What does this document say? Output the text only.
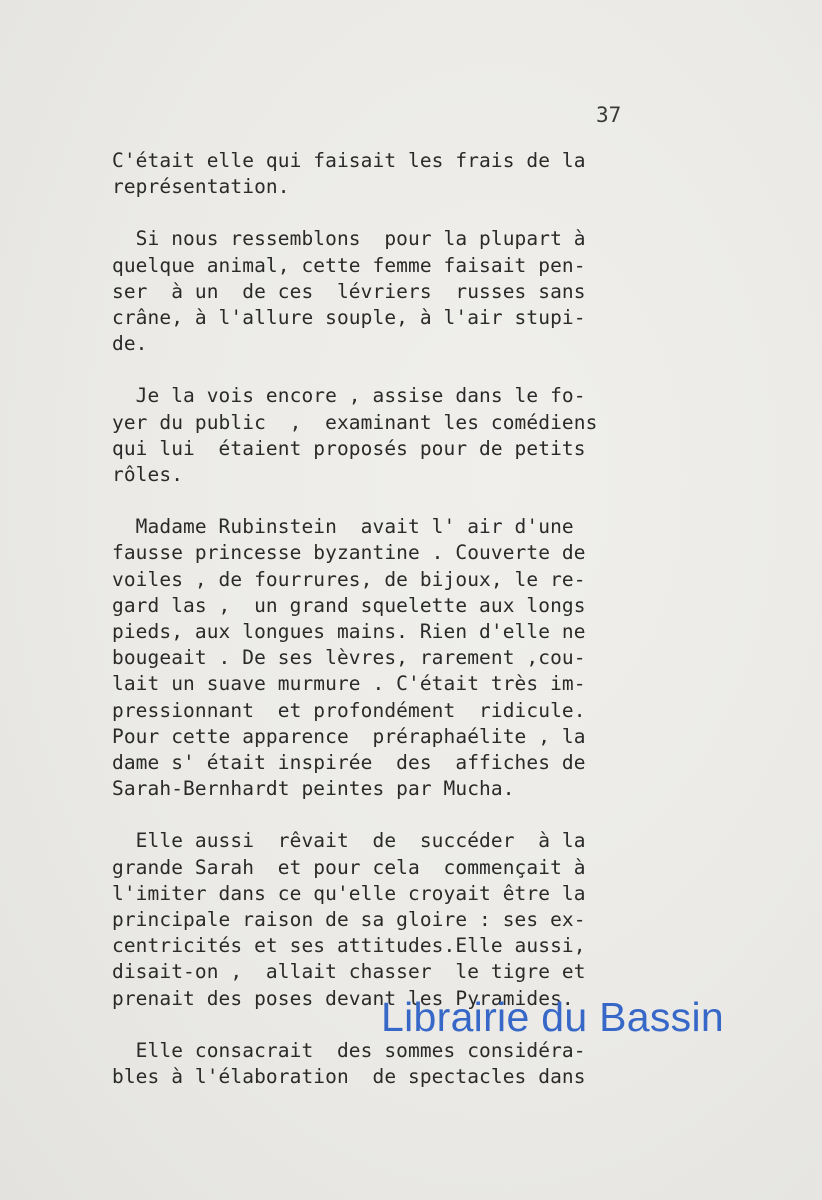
37
C'était elle qui faisait les frais de la
représentation.
Si nous ressemblons  pour la plupart à
quelque animal, cette femme faisait pen-
ser  à un  de ces  lévriers  russes sans
crâne, à l'allure souple, à l'air stupi-
de.
Je la vois encore , assise dans le fo-
yer du public  ,  examinant les comédiens
qui lui  étaient proposés pour de petits
rôles.
Madame Rubinstein  avait l' air d'une
fausse princesse byzantine . Couverte de
voiles , de fourrures, de bijoux, le re-
gard las ,  un grand squelette aux longs
pieds, aux longues mains. Rien d'elle ne
bougeait . De ses lèvres, rarement ,cou-
lait un suave murmure . C'était très im-
pressionnant  et profondément  ridicule.
Pour cette apparence  préraphaélite , la
dame s' était inspirée  des  affiches de
Sarah-Bernhardt peintes par Mucha.
Elle aussi  rêvait  de  succéder  à la
grande Sarah  et pour cela  commençait à
l'imiter dans ce qu'elle croyait être la
principale raison de sa gloire : ses ex-
centricités et ses attitudes.Elle aussi,
disait-on ,  allait chasser  le tigre et
prenait des poses devant les Pyramides.
Elle consacrait  des sommes considéra-
bles à l'élaboration  de spectacles dans
Librairie du Bassin
